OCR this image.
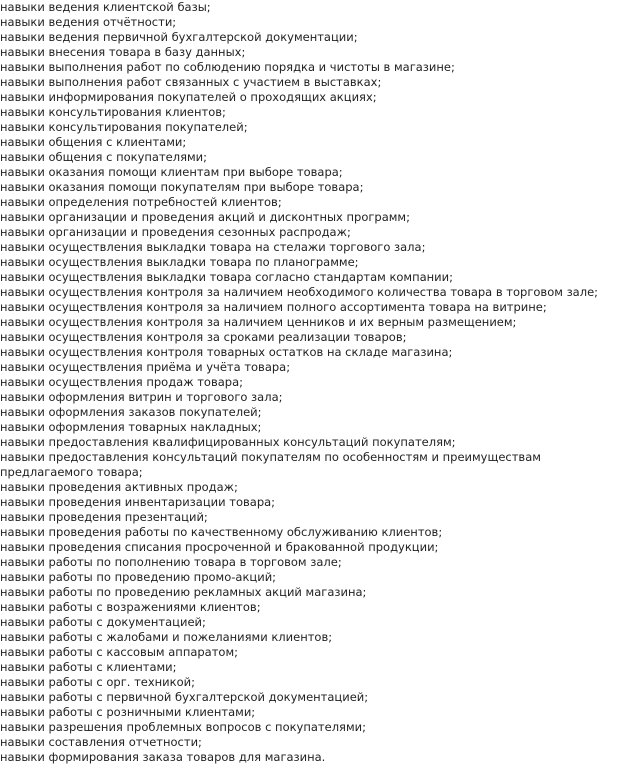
навыки ведения клиентской базы;

навыки ведения отчётности;

навыки ведения первичной бухгалтерской документации;

навыки внесения товара в базу данных;

навыки выполнения работ по соблюдению порядка и чистоты в магазине;

навыки выполнения работ связанных с участием в выставках;

навыки информирования покупателей о проходящих акциях;

навыки консультирования клиентов;

навыки консультирования покупателей;

навыки общения с клиентами;

навыки общения с покупателями;

навыки оказания помощи клиентам при выборе товара;

навыки оказания помощи покупателям при выборе товара;

навыки определения потребностей клиентов;

навыки организации и проведения акций и дисконтных программ;

навыки организации и проведения сезонных распродаж;

навыки осуществления выкладки товара на стелажи торгового зала;

навыки осуществления выкладки товара по планограмме;

навыки осуществления выкладки товара согласно стандартам компании;

навыки осуществления контроля за наличием необходимого количества товара в торговом зале;

навыки осуществления контроля за наличием полного ассортимента товара на витрине;

навыки осуществления контроля за наличием ценников и их верным размещением;

навыки осуществления контроля за сроками реализации товаров;

навыки осуществления контроля товарных остатков на складе магазина;

навыки осуществления приёма и учёта товара;

навыки осуществления продаж товара;

навыки оформления витрин и торгового зала;

навыки оформления заказов покупателей;

навыки оформления товарных накладных;

навыки предоставления квалифицированных консультаций покупателям;

навыки предоставления консультаций покупателям по особенностям и преимуществам предлагаемого товара;

навыки проведения активных продаж;

навыки проведения инвентаризации товара;

навыки проведения презентаций;

навыки проведения работы по качественному обслуживанию клиентов;

навыки проведения списания просроченной и бракованной продукции;

навыки работы по пополнению товара в торговом зале;

навыки работы по проведению промо-акций;

навыки работы по проведению рекламных акций магазина;

навыки работы с возражениями клиентов;

навыки работы с документацией;

навыки работы с жалобами и пожеланиями клиентов;

навыки работы с кассовым аппаратом;

навыки работы с клиентами;

навыки работы с орг. техникой;

навыки работы с первичной бухгалтерской документацией;

навыки работы с розничными клиентами;

навыки разрешения проблемных вопросов с покупателями;

навыки составления отчетности;

навыки формирования заказа товаров для магазина.
